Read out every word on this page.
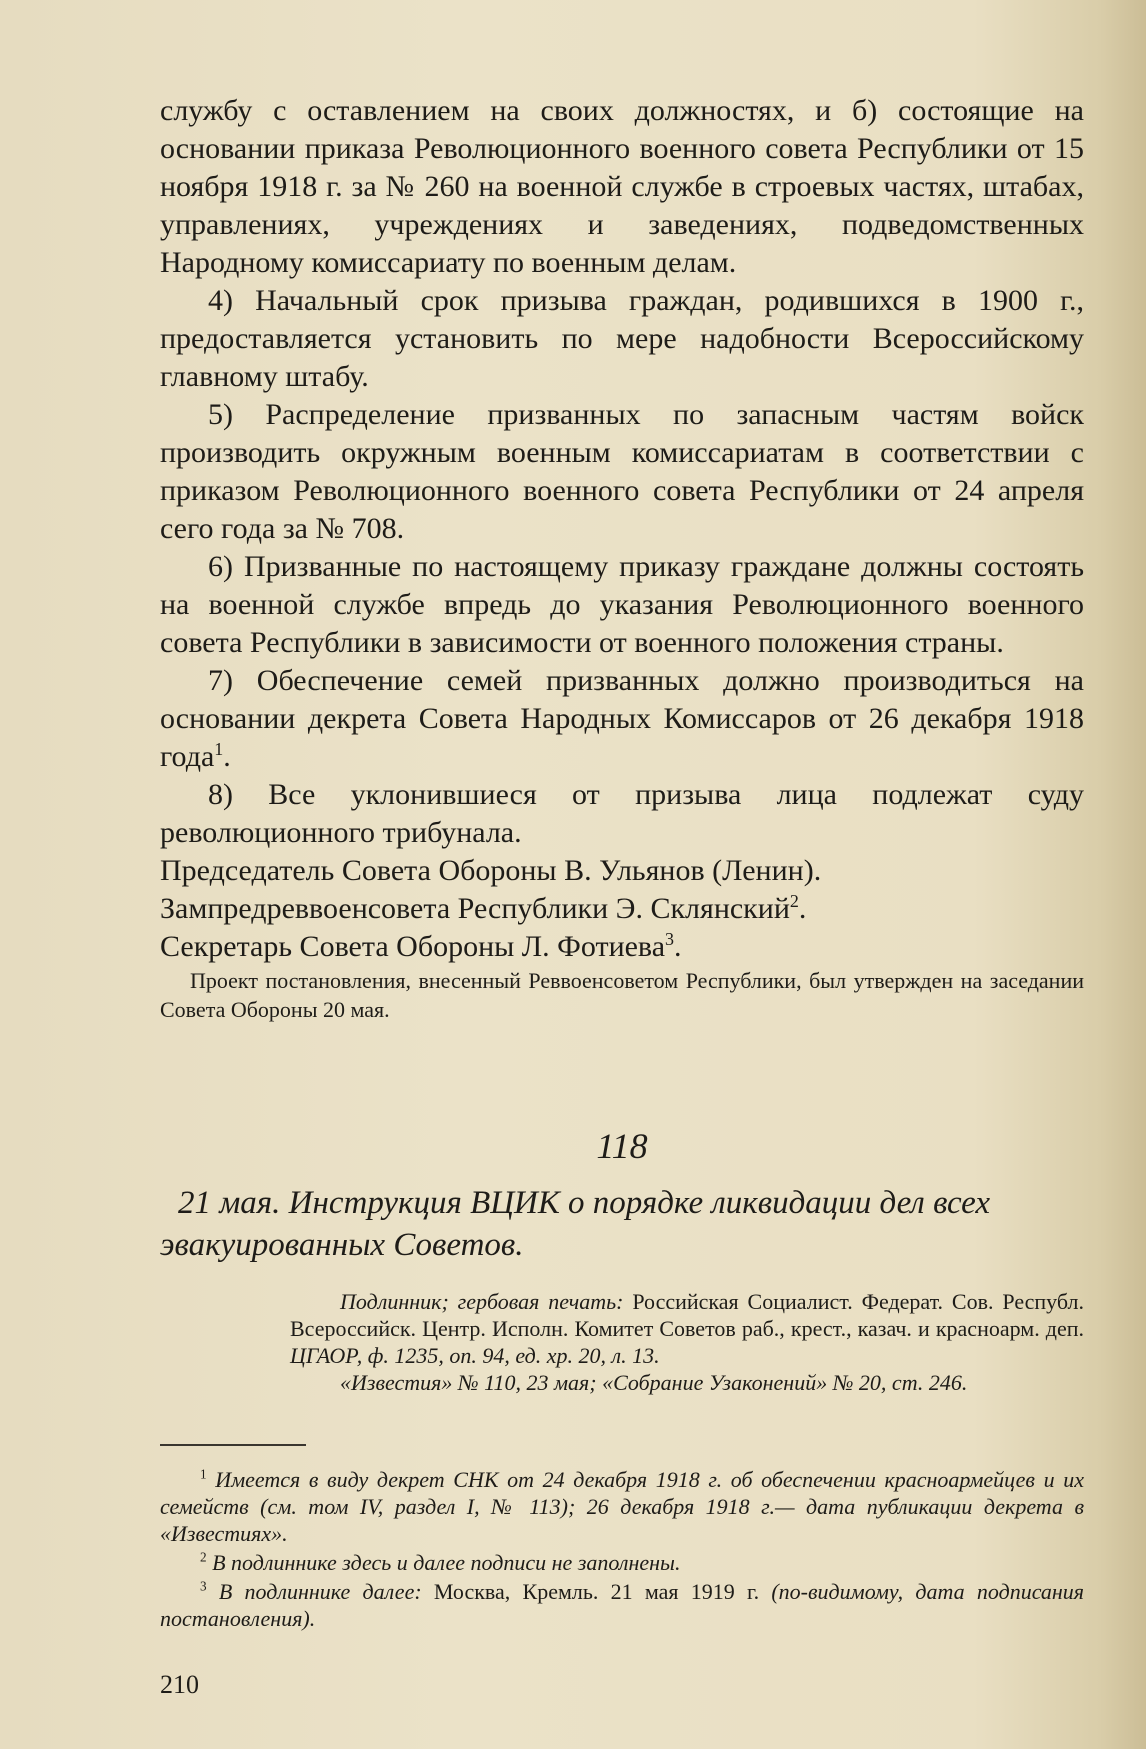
службу с оставлением на своих должностях, и б) состоящие на основании приказа Революционного военного совета Республики от 15 ноября 1918 г. за № 260 на военной службе в строевых частях, штабах, управлениях, учреждениях и заведениях, подведомственных Народному комиссариату по военным делам.

4) Начальный срок призыва граждан, родившихся в 1900 г., предоставляется установить по мере надобности Всероссийскому главному штабу.

5) Распределение призванных по запасным частям войск производить окружным военным комиссариатам в соответствии с приказом Революционного военного совета Республики от 24 апреля сего года за № 708.

6) Призванные по настоящему приказу граждане должны состоять на военной службе впредь до указания Революционного военного совета Республики в зависимости от военного положения страны.

7) Обеспечение семей призванных должно производиться на основании декрета Совета Народных Комиссаров от 26 декабря 1918 года$^1$.

8) Все уклонившиеся от призыва лица подлежат суду революционного трибунала.

Председатель Совета Обороны В. Ульянов (Ленин).

Зампредреввоенсовета Республики Э. Склянский$^2$.

Секретарь Совета Обороны Л. Фотиева$^3$.

Проект постановления, внесенный Реввоенсоветом Республики, был утвержден на заседании Совета Обороны 20 мая.

118
21 мая. Инструкция ВЦИК о порядке ликвидации дел всех эвакуированных Советов.

Подлинник; гербовая печать: Российская Социалист. Федерат. Сов. Республ. Всероссийск. Центр. Исполн. Комитет Советов раб., крест., казач. и красноарм. деп. ЦГАОР, ф. 1235, оп. 94, ед. хр. 20, л. 13.

«Известия» № 110, 23 мая; «Собрание Узаконений» № 20, ст. 246.

$^1$ Имеется в виду декрет СНК от 24 декабря 1918 г. об обеспечении красноармейцев и их семейств (см. том IV, раздел I, № 113); 26 декабря 1918 г.— дата публикации декрета в «Известиях».

$^2$ В подлиннике здесь и далее подписи не заполнены.

$^3$ В подлиннике далее: Москва, Кремль. 21 мая 1919 г. (по-видимому, дата подписания постановления).

210
